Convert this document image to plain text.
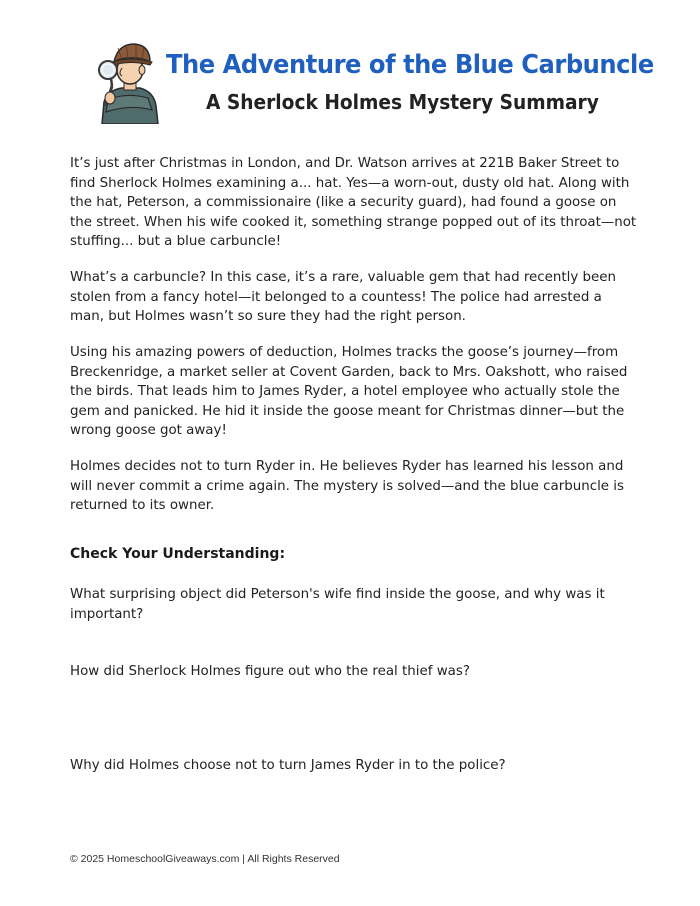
The Adventure of the Blue Carbuncle
A Sherlock Holmes Mystery Summary

It’s just after Christmas in London, and Dr. Watson arrives at 221B Baker Street to find Sherlock Holmes examining a... hat. Yes—a worn-out, dusty old hat. Along with the hat, Peterson, a commissionaire (like a security guard), had found a goose on the street. When his wife cooked it, something strange popped out of its throat—not stuffing... but a blue carbuncle!

What’s a carbuncle? In this case, it’s a rare, valuable gem that had recently been stolen from a fancy hotel—it belonged to a countess! The police had arrested a man, but Holmes wasn’t so sure they had the right person.

Using his amazing powers of deduction, Holmes tracks the goose’s journey—from Breckenridge, a market seller at Covent Garden, back to Mrs. Oakshott, who raised the birds. That leads him to James Ryder, a hotel employee who actually stole the gem and panicked. He hid it inside the goose meant for Christmas dinner—but the wrong goose got away!

Holmes decides not to turn Ryder in. He believes Ryder has learned his lesson and will never commit a crime again. The mystery is solved—and the blue carbuncle is returned to its owner.

Check Your Understanding:

What surprising object did Peterson's wife find inside the goose, and why was it important?

How did Sherlock Holmes figure out who the real thief was?

Why did Holmes choose not to turn James Ryder in to the police?

© 2025 HomeschoolGiveaways.com | All Rights Reserved
